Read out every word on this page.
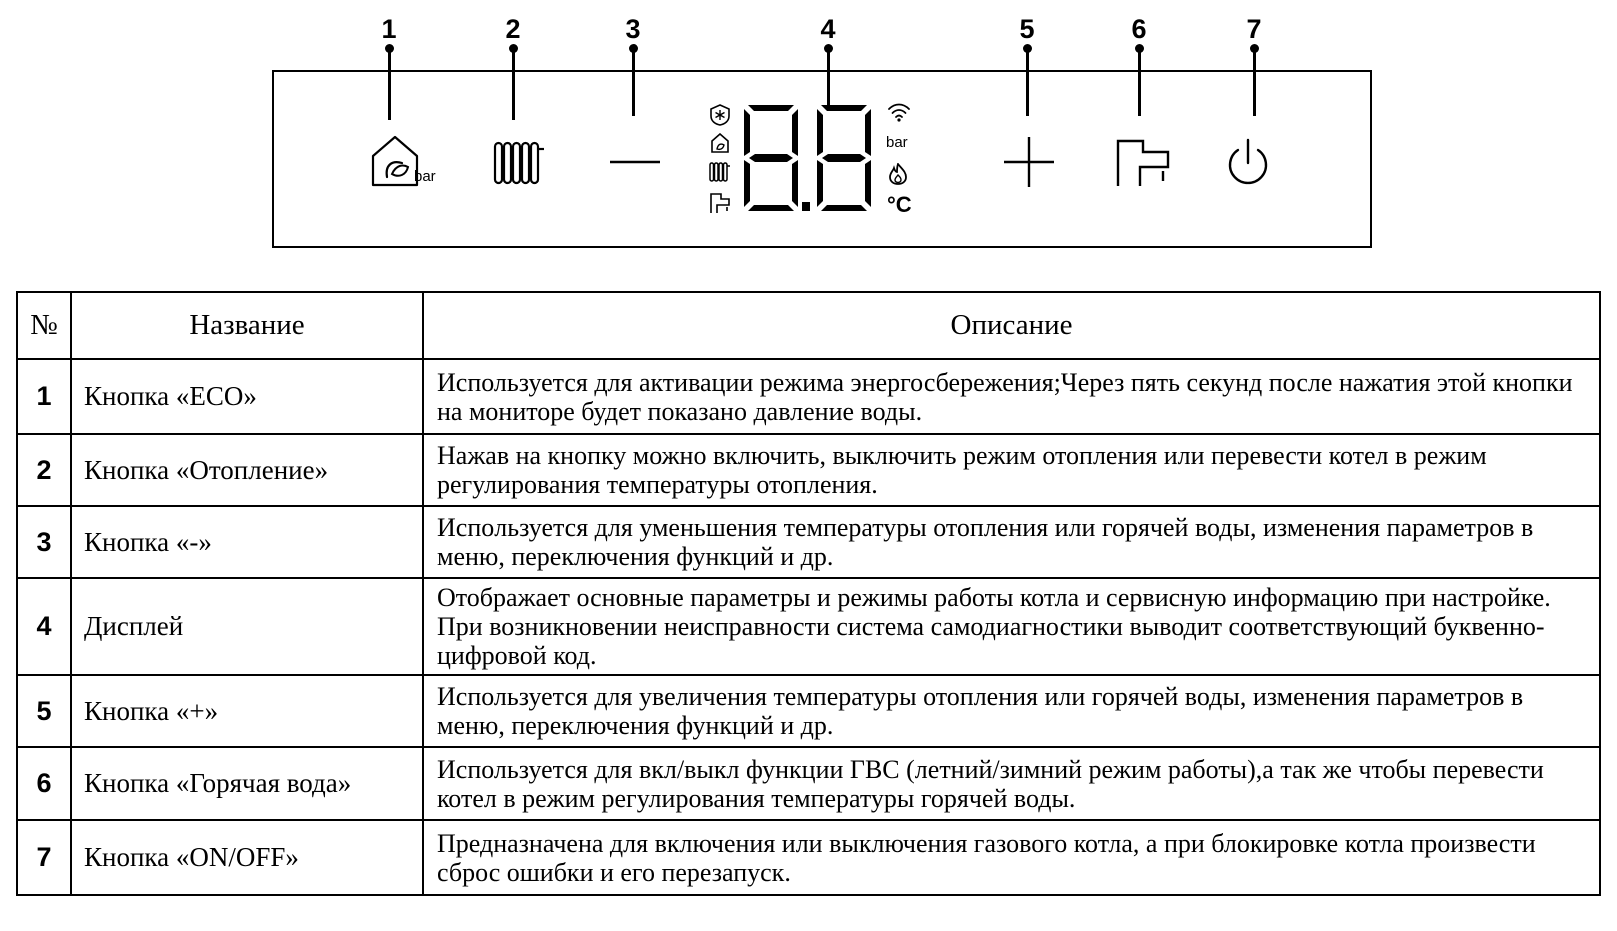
1	2	3	4	5	6	7
bar
bar
°C
№	Название	Описание
1	Кнопка «ECO»	Используется для активации режима энергосбережения;Через пять секунд после нажатия этой кнопки на мониторе будет показано давление воды.
2	Кнопка «Отопление»	Нажав на кнопку можно включить, выключить режим отопления или перевести котел в режим регулирования температуры отопления.
3	Кнопка «-»	Испoльзуется для уменьшения температуры отопления или горячей воды, изменения параметров в меню, переключения функций и др.
4	Дисплей	Отображает основные параметры и режимы работы котла и сервисную информацию при настройке. При возникновении неисправности система самодиагностики выводит соответствующий буквенно-цифровой код.
5	Кнопка «+»	Используется для увеличения температуры отопления или горячей воды, изменения параметров в меню, переключения функций и др.
6	Кнопка «Горячая вода»	Используется для вкл/выкл функции ГВС (летний/зимний режим работы),а так же чтобы перевести котел в режим регулирования температуры горячей воды.
7	Кнопка «ON/OFF»	Предназначена для включения или выключения газового котла, а при блокировке котла произвести сброс ошибки и его перезапуск.
